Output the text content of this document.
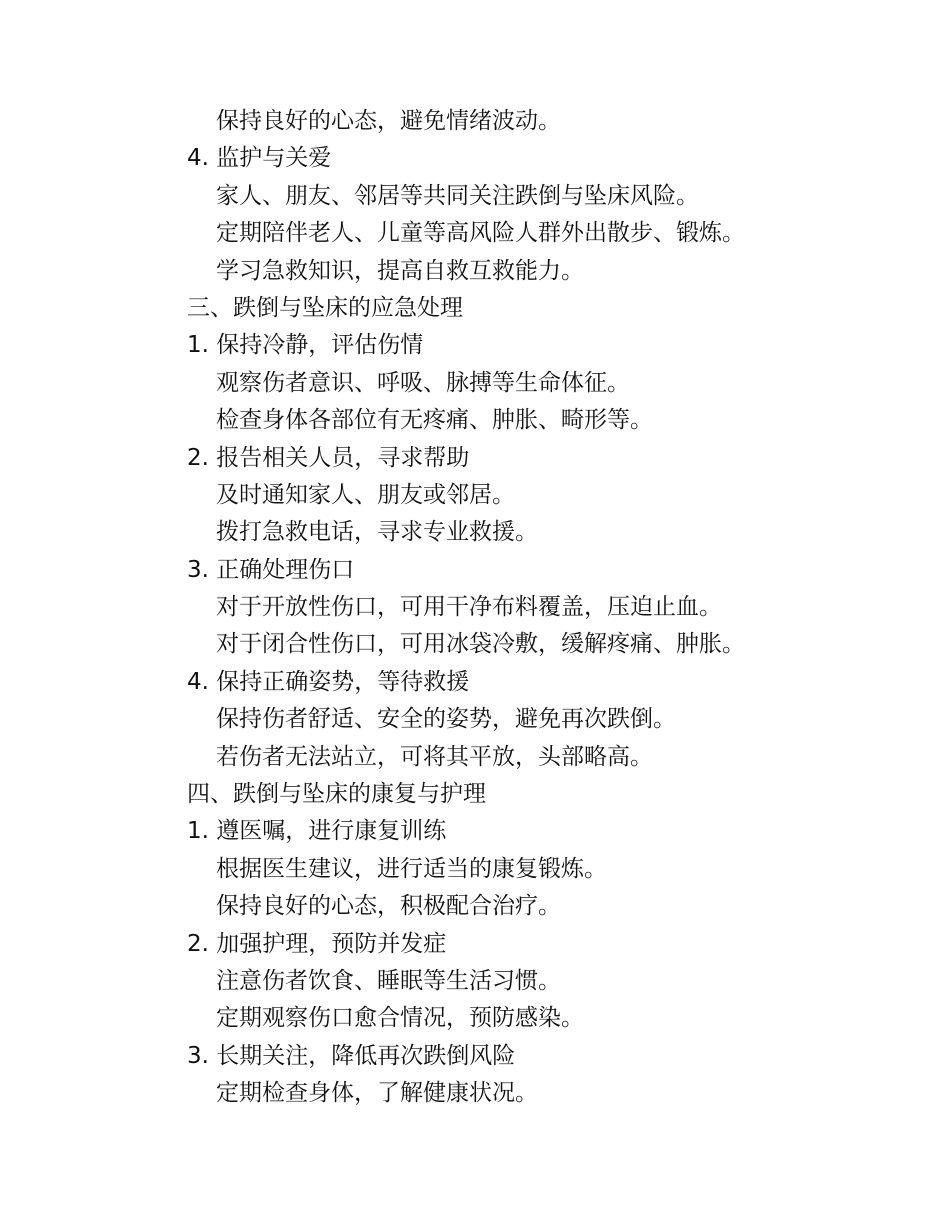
保持良好的心态，避免情绪波动。
4. 监护与关爱
家人、朋友、邻居等共同关注跌倒与坠床风险。
定期陪伴老人、儿童等高风险人群外出散步、锻炼。
学习急救知识，提高自救互救能力。
三、跌倒与坠床的应急处理
1. 保持冷静，评估伤情
观察伤者意识、呼吸、脉搏等生命体征。
检查身体各部位有无疼痛、肿胀、畸形等。
2. 报告相关人员，寻求帮助
及时通知家人、朋友或邻居。
拨打急救电话，寻求专业救援。
3. 正确处理伤口
对于开放性伤口，可用干净布料覆盖，压迫止血。
对于闭合性伤口，可用冰袋冷敷，缓解疼痛、肿胀。
4. 保持正确姿势，等待救援
保持伤者舒适、安全的姿势，避免再次跌倒。
若伤者无法站立，可将其平放，头部略高。
四、跌倒与坠床的康复与护理
1. 遵医嘱，进行康复训练
根据医生建议，进行适当的康复锻炼。
保持良好的心态，积极配合治疗。
2. 加强护理，预防并发症
注意伤者饮食、睡眠等生活习惯。
定期观察伤口愈合情况，预防感染。
3. 长期关注，降低再次跌倒风险
定期检查身体，了解健康状况。
